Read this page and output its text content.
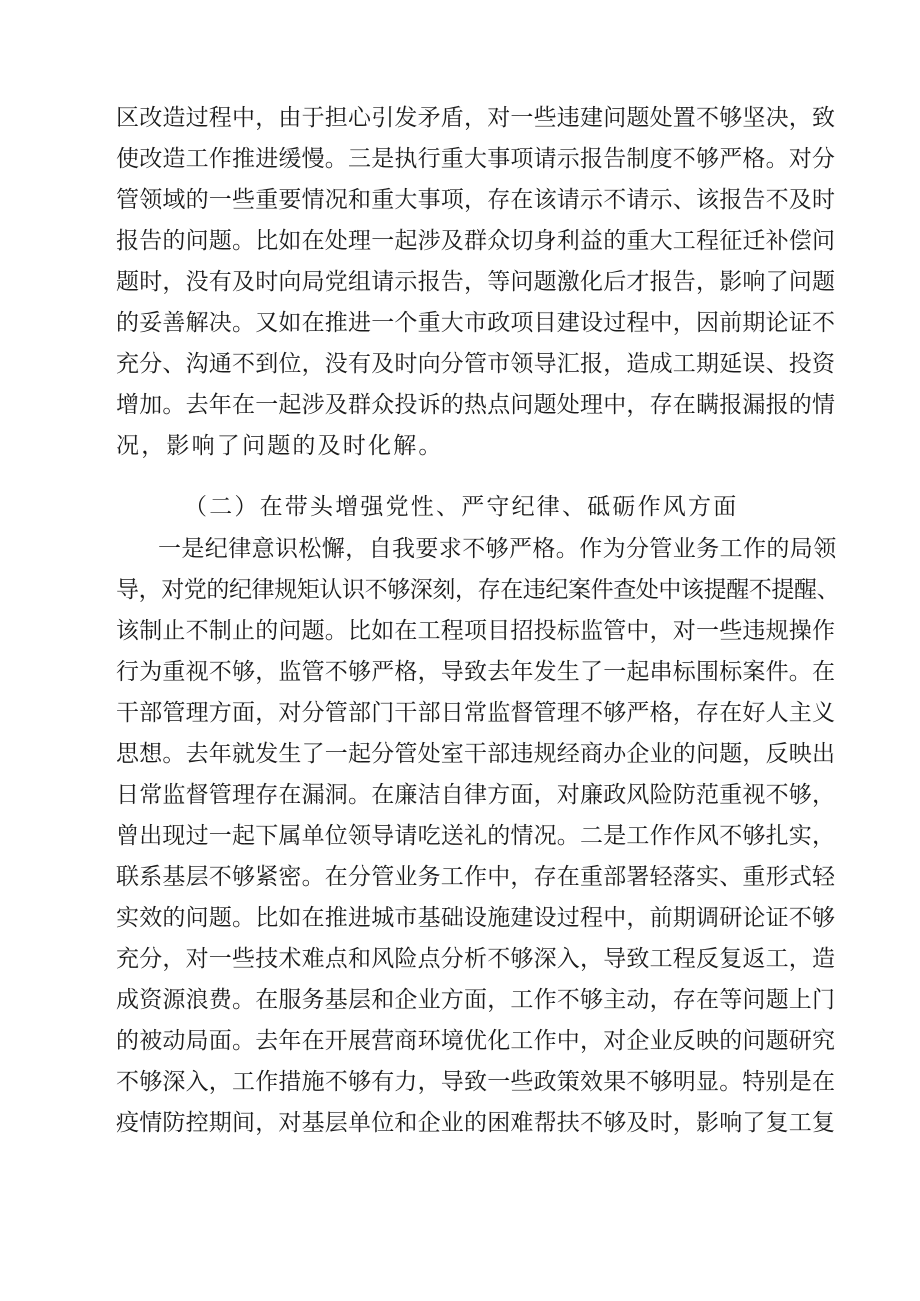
区改造过程中，由于担心引发矛盾，对一些违建问题处置不够坚决，致
使改造工作推进缓慢。三是执行重大事项请示报告制度不够严格。对分
管领域的一些重要情况和重大事项，存在该请示不请示、该报告不及时
报告的问题。比如在处理一起涉及群众切身利益的重大工程征迁补偿问
题时，没有及时向局党组请示报告，等问题激化后才报告，影响了问题
的妥善解决。又如在推进一个重大市政项目建设过程中，因前期论证不
充分、沟通不到位，没有及时向分管市领导汇报，造成工期延误、投资
增加。去年在一起涉及群众投诉的热点问题处理中，存在瞒报漏报的情
况，影响了问题的及时化解。
（二）在带头增强党性、严守纪律、砥砺作风方面
一是纪律意识松懈，自我要求不够严格。作为分管业务工作的局领
导，对党的纪律规矩认识不够深刻，存在违纪案件查处中该提醒不提醒、
该制止不制止的问题。比如在工程项目招投标监管中，对一些违规操作
行为重视不够，监管不够严格，导致去年发生了一起串标围标案件。在
干部管理方面，对分管部门干部日常监督管理不够严格，存在好人主义
思想。去年就发生了一起分管处室干部违规经商办企业的问题，反映出
日常监督管理存在漏洞。在廉洁自律方面，对廉政风险防范重视不够，
曾出现过一起下属单位领导请吃送礼的情况。二是工作作风不够扎实，
联系基层不够紧密。在分管业务工作中，存在重部署轻落实、重形式轻
实效的问题。比如在推进城市基础设施建设过程中，前期调研论证不够
充分，对一些技术难点和风险点分析不够深入，导致工程反复返工，造
成资源浪费。在服务基层和企业方面，工作不够主动，存在等问题上门
的被动局面。去年在开展营商环境优化工作中，对企业反映的问题研究
不够深入，工作措施不够有力，导致一些政策效果不够明显。特别是在
疫情防控期间，对基层单位和企业的困难帮扶不够及时，影响了复工复
